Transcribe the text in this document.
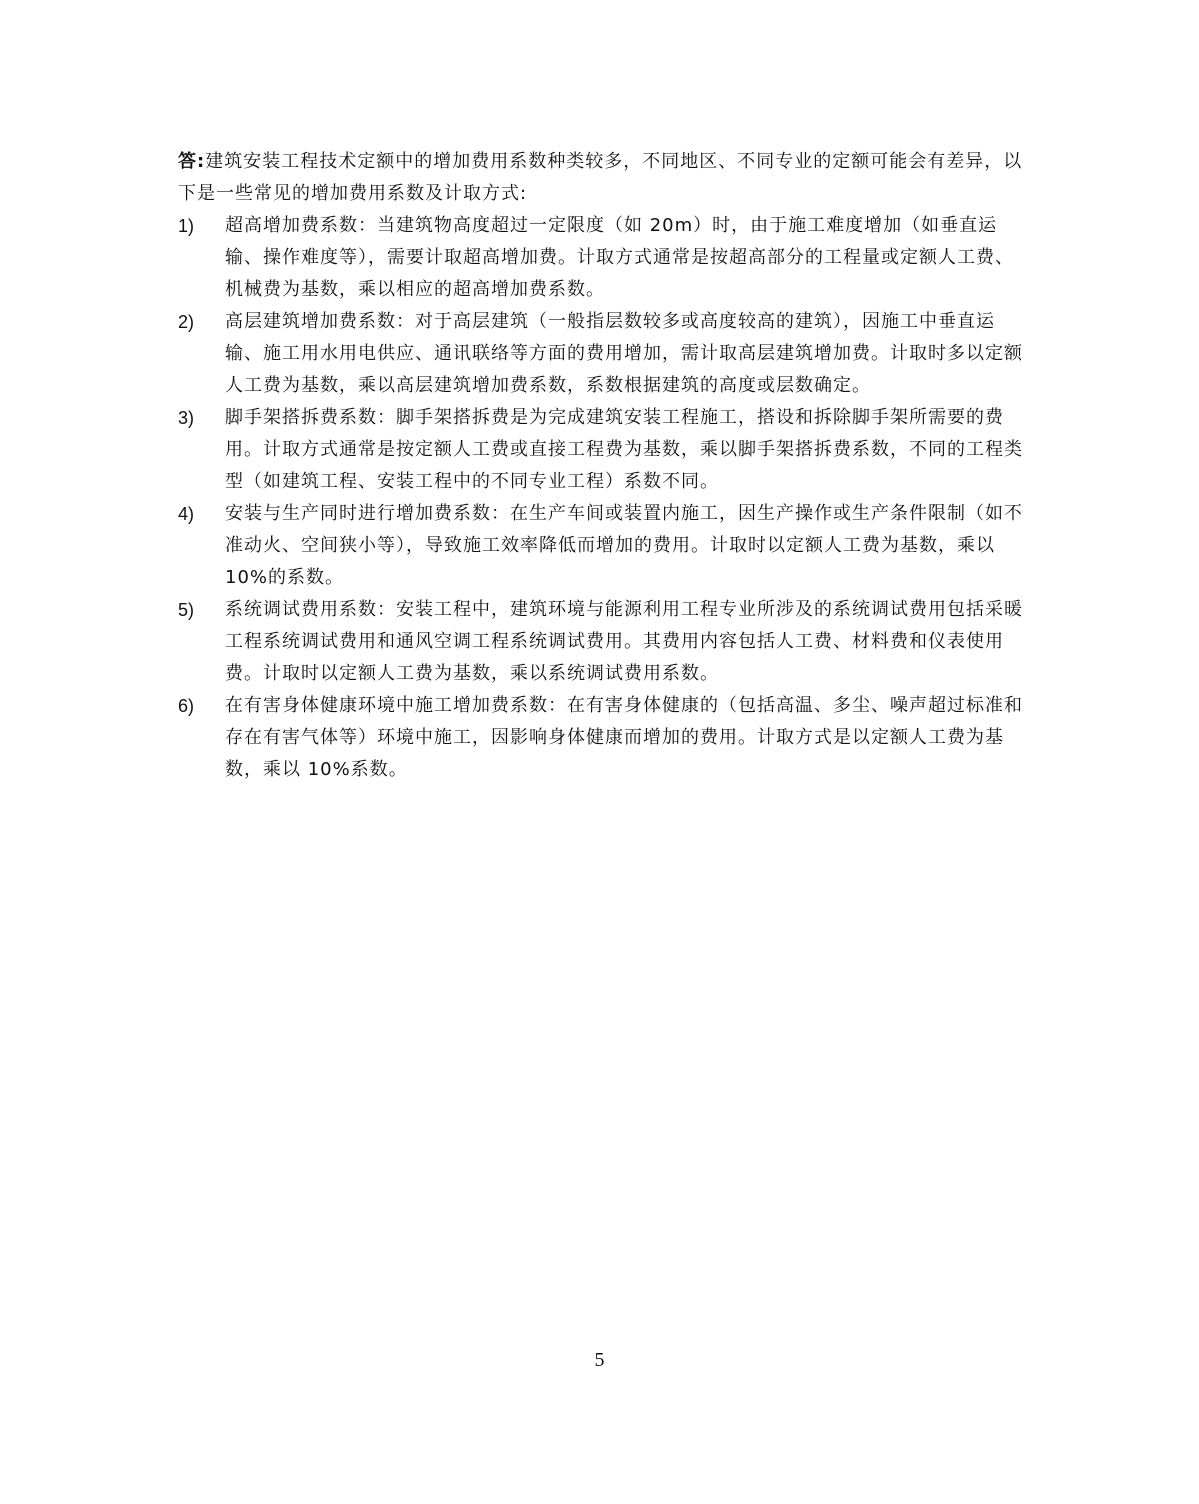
答:建筑安装工程技术定额中的增加费用系数种类较多，不同地区、不同专业的定额可能会有差异，以下是一些常见的增加费用系数及计取方式:

1)	超高增加费系数：当建筑物高度超过一定限度（如 20m）时，由于施工难度增加（如垂直运输、操作难度等），需要计取超高增加费。计取方式通常是按超高部分的工程量或定额人工费、机械费为基数，乘以相应的超高增加费系数。
2)	高层建筑增加费系数：对于高层建筑（一般指层数较多或高度较高的建筑），因施工中垂直运输、施工用水用电供应、通讯联络等方面的费用增加，需计取高层建筑增加费。计取时多以定额人工费为基数，乘以高层建筑增加费系数，系数根据建筑的高度或层数确定。
3)	脚手架搭拆费系数：脚手架搭拆费是为完成建筑安装工程施工，搭设和拆除脚手架所需要的费用。计取方式通常是按定额人工费或直接工程费为基数，乘以脚手架搭拆费系数，不同的工程类型（如建筑工程、安装工程中的不同专业工程）系数不同。
4)	安装与生产同时进行增加费系数：在生产车间或装置内施工，因生产操作或生产条件限制（如不准动火、空间狭小等），导致施工效率降低而增加的费用。计取时以定额人工费为基数，乘以 10%的系数。
5)	系统调试费用系数：安装工程中，建筑环境与能源利用工程专业所涉及的系统调试费用包括采暖工程系统调试费用和通风空调工程系统调试费用。其费用内容包括人工费、材料费和仪表使用费。计取时以定额人工费为基数，乘以系统调试费用系数。
6)	在有害身体健康环境中施工增加费系数：在有害身体健康的（包括高温、多尘、噪声超过标准和存在有害气体等）环境中施工，因影响身体健康而增加的费用。计取方式是以定额人工费为基数，乘以 10%系数。
5
